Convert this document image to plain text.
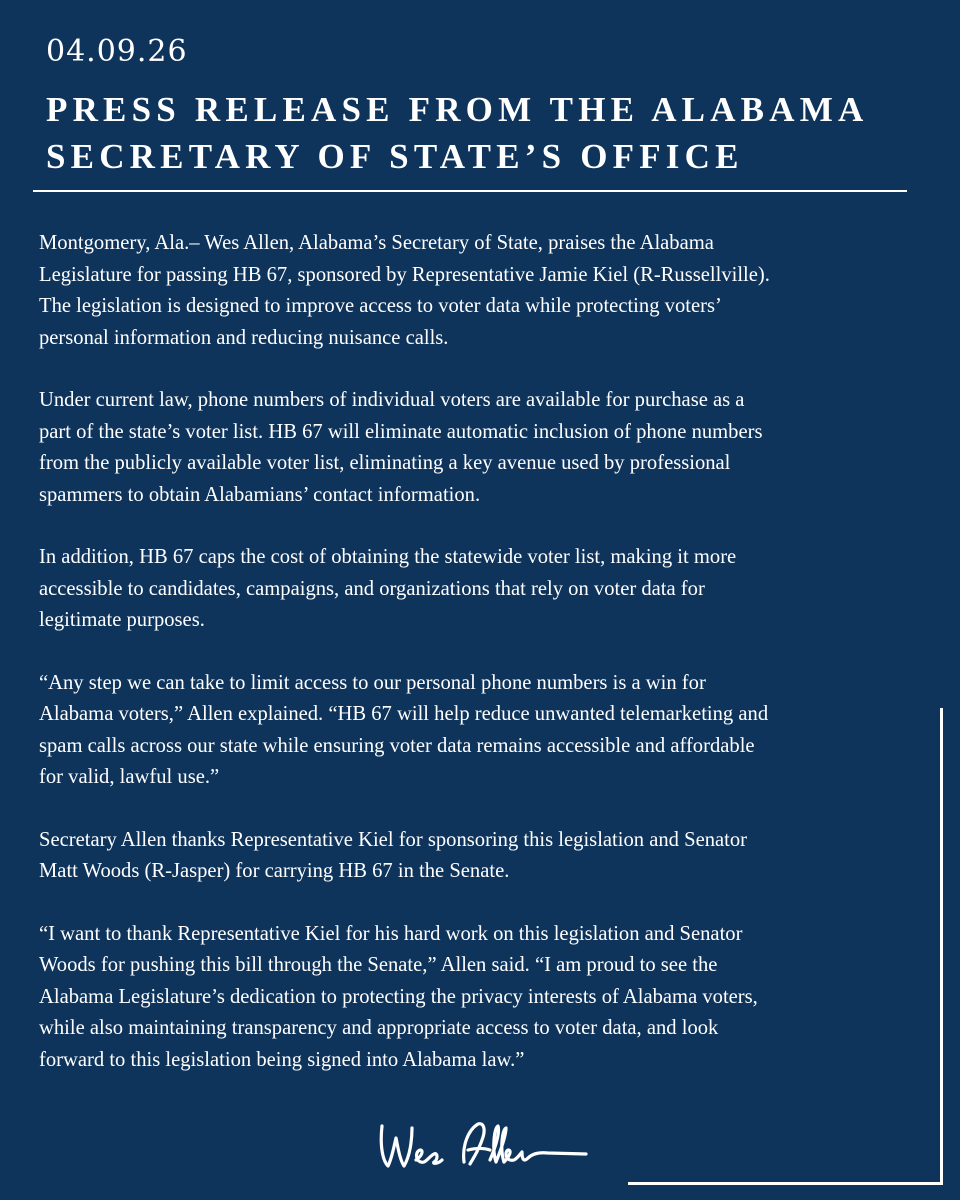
04.09.26

PRESS RELEASE FROM THE ALABAMA
SECRETARY OF STATE’S OFFICE

Montgomery, Ala.– Wes Allen, Alabama’s Secretary of State, praises the Alabama
Legislature for passing HB 67, sponsored by Representative Jamie Kiel (R-Russellville).
The legislation is designed to improve access to voter data while protecting voters’
personal information and reducing nuisance calls.

Under current law, phone numbers of individual voters are available for purchase as a
part of the state’s voter list. HB 67 will eliminate automatic inclusion of phone numbers
from the publicly available voter list, eliminating a key avenue used by professional
spammers to obtain Alabamians’ contact information.

In addition, HB 67 caps the cost of obtaining the statewide voter list, making it more
accessible to candidates, campaigns, and organizations that rely on voter data for
legitimate purposes.

“Any step we can take to limit access to our personal phone numbers is a win for
Alabama voters,” Allen explained. “HB 67 will help reduce unwanted telemarketing and
spam calls across our state while ensuring voter data remains accessible and affordable
for valid, lawful use.”

Secretary Allen thanks Representative Kiel for sponsoring this legislation and Senator
Matt Woods (R-Jasper) for carrying HB 67 in the Senate.

“I want to thank Representative Kiel for his hard work on this legislation and Senator
Woods for pushing this bill through the Senate,” Allen said. “I am proud to see the
Alabama Legislature’s dedication to protecting the privacy interests of Alabama voters,
while also maintaining transparency and appropriate access to voter data, and look
forward to this legislation being signed into Alabama law.”
